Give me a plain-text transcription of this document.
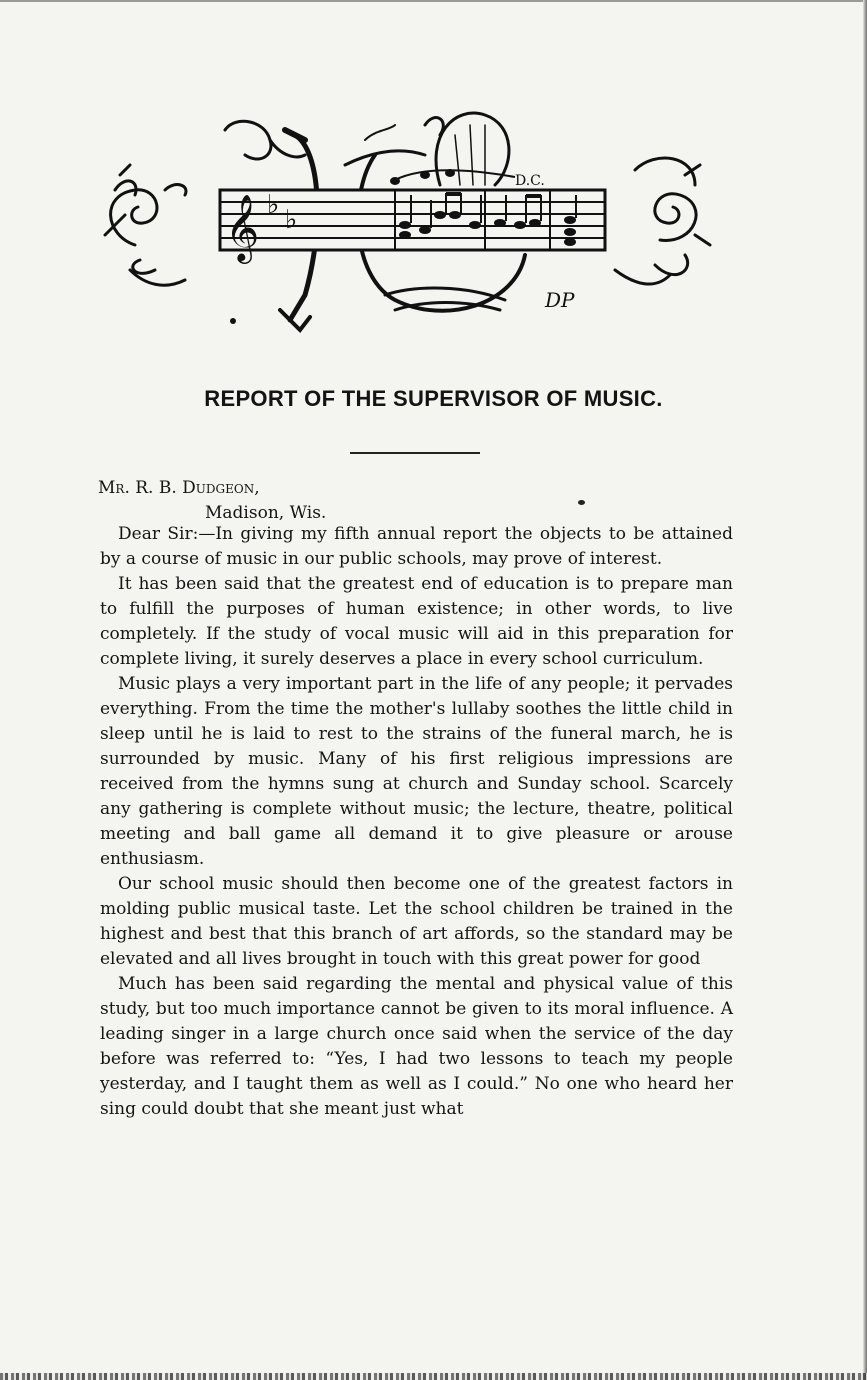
𝄞 ♭ ♭
D.C.
DP
REPORT OF THE SUPERVISOR OF MUSIC.
Mr. R. B. Dudgeon,
Madison, Wis.

Dear Sir:—In giving my fifth annual report the objects to be attained by a course of music in our public schools, may prove of interest.

It has been said that the greatest end of education is to prepare man to fulfill the purposes of human existence; in other words, to live completely. If the study of vocal music will aid in this preparation for complete living, it surely deserves a place in every school curriculum.

Music plays a very important part in the life of any people; it pervades everything. From the time the mother's lullaby soothes the little child in sleep until he is laid to rest to the strains of the funeral march, he is surrounded by music. Many of his first religious impressions are received from the hymns sung at church and Sunday school. Scarcely any gathering is complete without music; the lecture, theatre, political meeting and ball game all demand it to give pleasure or arouse enthusiasm.

Our school music should then become one of the greatest factors in molding public musical taste. Let the school children be trained in the highest and best that this branch of art affords, so the standard may be elevated and all lives brought in touch with this great power for good

Much has been said regarding the mental and physical value of this study, but too much importance cannot be given to its moral influence. A leading singer in a large church once said when the service of the day before was referred to: “Yes, I had two lessons to teach my people yesterday, and I taught them as well as I could.” No one who heard her sing could doubt that she meant just what
